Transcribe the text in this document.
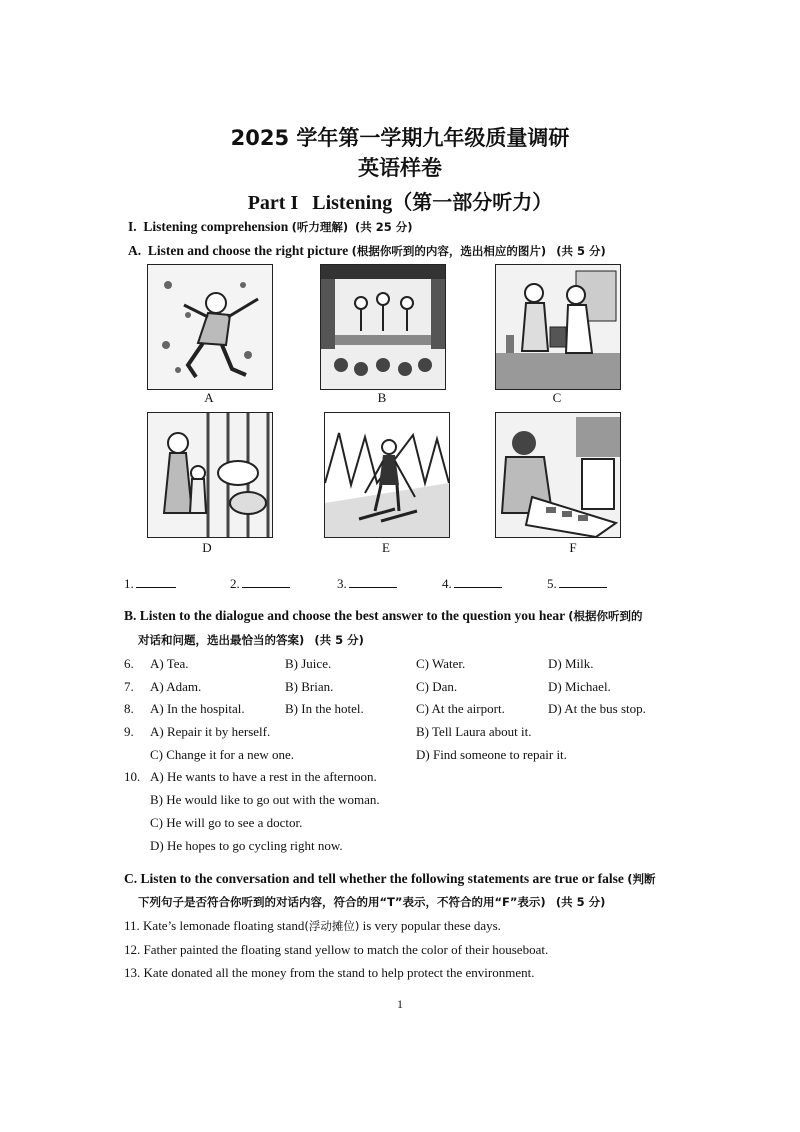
2025 学年第一学期九年级质量调研
英语样卷
Part I Listening（第一部分听力）
I. Listening comprehension (听力理解) (共 25 分)
A. Listen and choose the right picture (根据你听到的内容，选出相应的图片) (共 5 分)
A	B	C
D	E	F
1.	2.	3.	4.	5.
B. Listen to the dialogue and choose the best answer to the question you hear (根据你听到的
对话和问题，选出最恰当的答案) (共 5 分)
6. A) Tea.	B) Juice.	C) Water.	D) Milk.
7. A) Adam.	B) Brian.	C) Dan.	D) Michael.
8. A) In the hospital.	B) In the hotel.	C) At the airport.	D) At the bus stop.
9. A) Repair it by herself.	B) Tell Laura about it.
C) Change it for a new one.	D) Find someone to repair it.
10. A) He wants to have a rest in the afternoon.
B) He would like to go out with the woman.
C) He will go to see a doctor.
D) He hopes to go cycling right now.
C. Listen to the conversation and tell whether the following statements are true or false (判断
下列句子是否符合你听到的对话内容，符合的用“T”表示，不符合的用“F”表示) (共 5 分)
11. Kate’s lemonade floating stand(浮动摊位) is very popular these days.
12. Father painted the floating stand yellow to match the color of their houseboat.
13. Kate donated all the money from the stand to help protect the environment.
1
